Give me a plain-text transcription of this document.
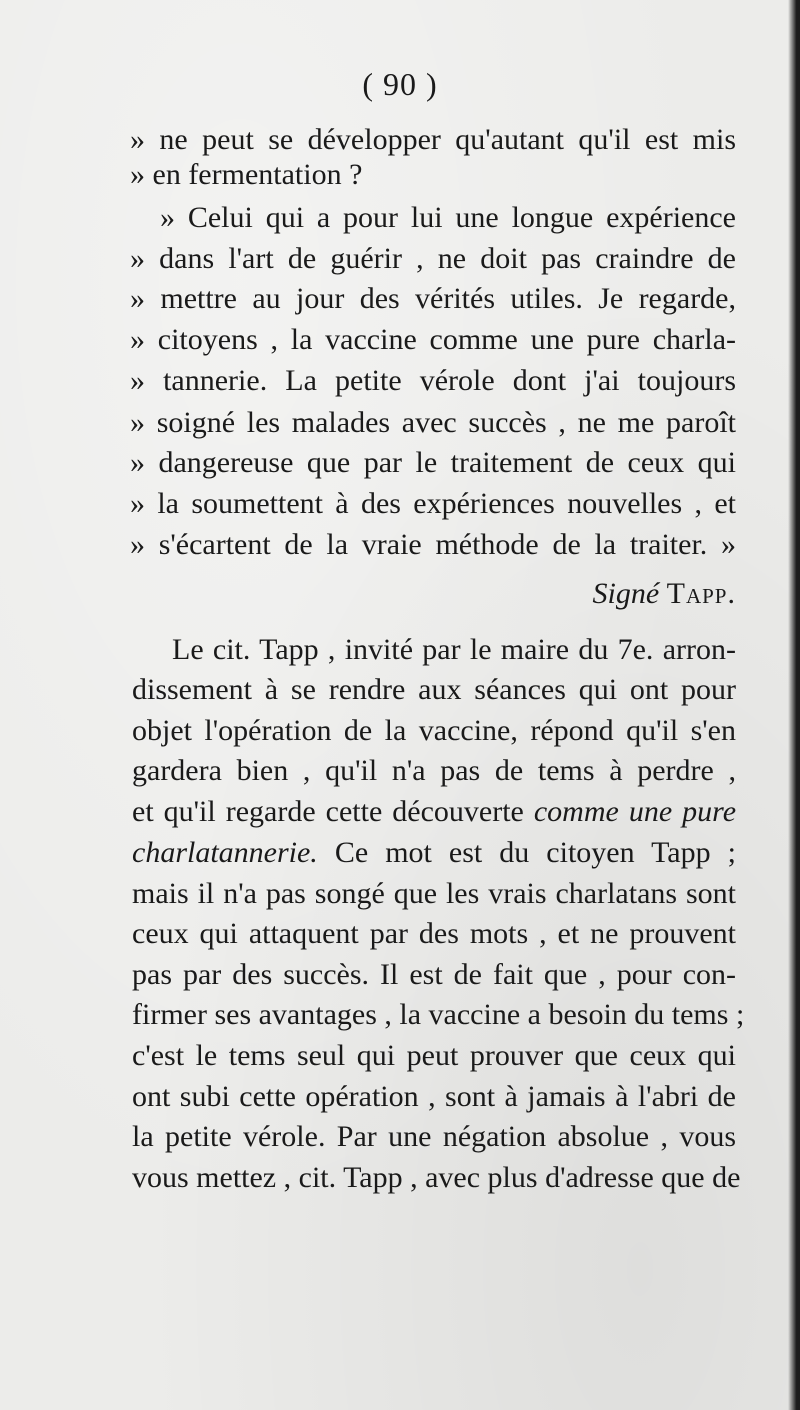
( 90 )
» ne peut se développer qu'autant qu'il est mis
» en fermentation ?
» Celui qui a pour lui une longue expérience
» dans l'art de guérir , ne doit pas craindre de
» mettre au jour des vérités utiles. Je regarde,
» citoyens , la vaccine comme une pure charla-
» tannerie. La petite vérole dont j'ai toujours
» soigné les malades avec succès , ne me paroît
» dangereuse que par le traitement de ceux qui
» la soumettent à des expériences nouvelles , et
» s'écartent de la vraie méthode de la traiter. »
Signé Tapp.
Le cit. Tapp , invité par le maire du 7e. arron-
dissement à se rendre aux séances qui ont pour
objet l'opération de la vaccine, répond qu'il s'en
gardera bien , qu'il n'a pas de tems à perdre ,
et qu'il regarde cette découverte comme une pure
charlatannerie. Ce mot est du citoyen Tapp ;
mais il n'a pas songé que les vrais charlatans sont
ceux qui attaquent par des mots , et ne prouvent
pas par des succès. Il est de fait que , pour con-
firmer ses avantages , la vaccine a besoin du tems ;
c'est le tems seul qui peut prouver que ceux qui
ont subi cette opération , sont à jamais à l'abri de
la petite vérole. Par une négation absolue , vous
vous mettez , cit. Tapp , avec plus d'adresse que de
